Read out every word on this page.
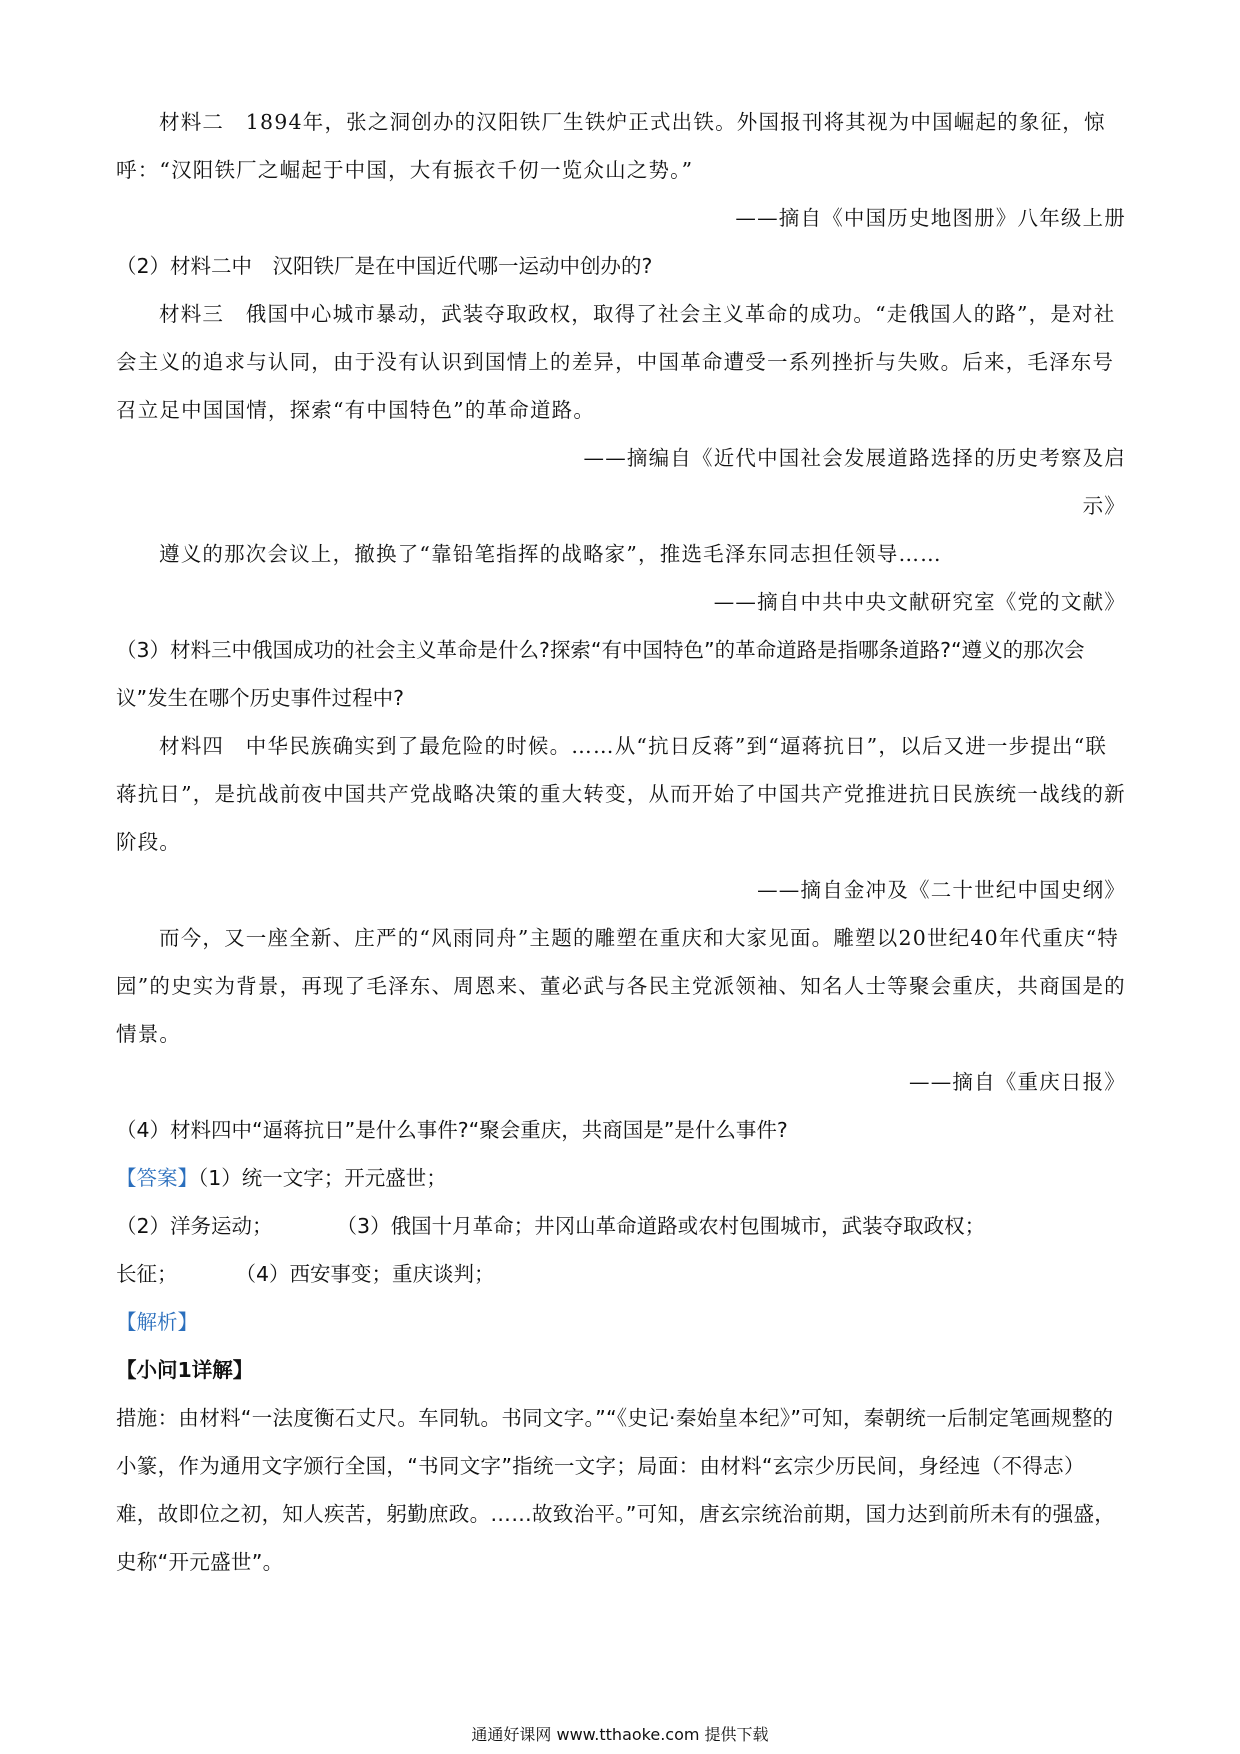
材料二　1894年，张之洞创办的汉阳铁厂生铁炉正式出铁。外国报刊将其视为中国崛起的象征，惊呼：“汉阳铁厂之崛起于中国，大有振衣千仞一览众山之势。”

——摘自《中国历史地图册》八年级上册

（2）材料二中　汉阳铁厂是在中国近代哪一运动中创办的?

材料三　俄国中心城市暴动，武装夺取政权，取得了社会主义革命的成功。“走俄国人的路”，是对社会主义的追求与认同，由于没有认识到国情上的差异，中国革命遭受一系列挫折与失败。后来，毛泽东号召立足中国国情，探索“有中国特色”的革命道路。

——摘编自《近代中国社会发展道路选择的历史考察及启

示》

遵义的那次会议上，撤换了“靠铅笔指挥的战略家”，推选毛泽东同志担任领导……

——摘自中共中央文献研究室《党的文献》

（3）材料三中俄国成功的社会主义革命是什么?探索“有中国特色”的革命道路是指哪条道路?“遵义的那次会议”发生在哪个历史事件过程中?

材料四　中华民族确实到了最危险的时候。……从“抗日反蒋”到“逼蒋抗日”，以后又进一步提出“联蒋抗日”，是抗战前夜中国共产党战略决策的重大转变，从而开始了中国共产党推进抗日民族统一战线的新阶段。

——摘自金冲及《二十世纪中国史纲》

而今，又一座全新、庄严的“风雨同舟”主题的雕塑在重庆和大家见面。雕塑以20世纪40年代重庆“特园”的史实为背景，再现了毛泽东、周恩来、董必武与各民主党派领袖、知名人士等聚会重庆，共商国是的情景。

——摘自《重庆日报》

（4）材料四中“逼蒋抗日”是什么事件?“聚会重庆，共商国是”是什么事件?

【答案】（1）统一文字；开元盛世；

（2）洋务运动；	（3）俄国十月革命；井冈山革命道路或农村包围城市，武装夺取政权；

长征；	（4）西安事变；重庆谈判；

【解析】

【小问1详解】

措施：由材料“一法度衡石丈尺。车同轨。书同文字。”“《史记·秦始皇本纪》”可知，秦朝统一后制定笔画规整的小篆，作为通用文字颁行全国，“书同文字”指统一文字；局面：由材料“玄宗少历民间，身经迍（不得志）难，故即位之初，知人疾苦，躬勤庶政。……故致治平。”可知，唐玄宗统治前期，国力达到前所未有的强盛，史称“开元盛世”。

通通好课网 www.tthaoke.com 提供下载
